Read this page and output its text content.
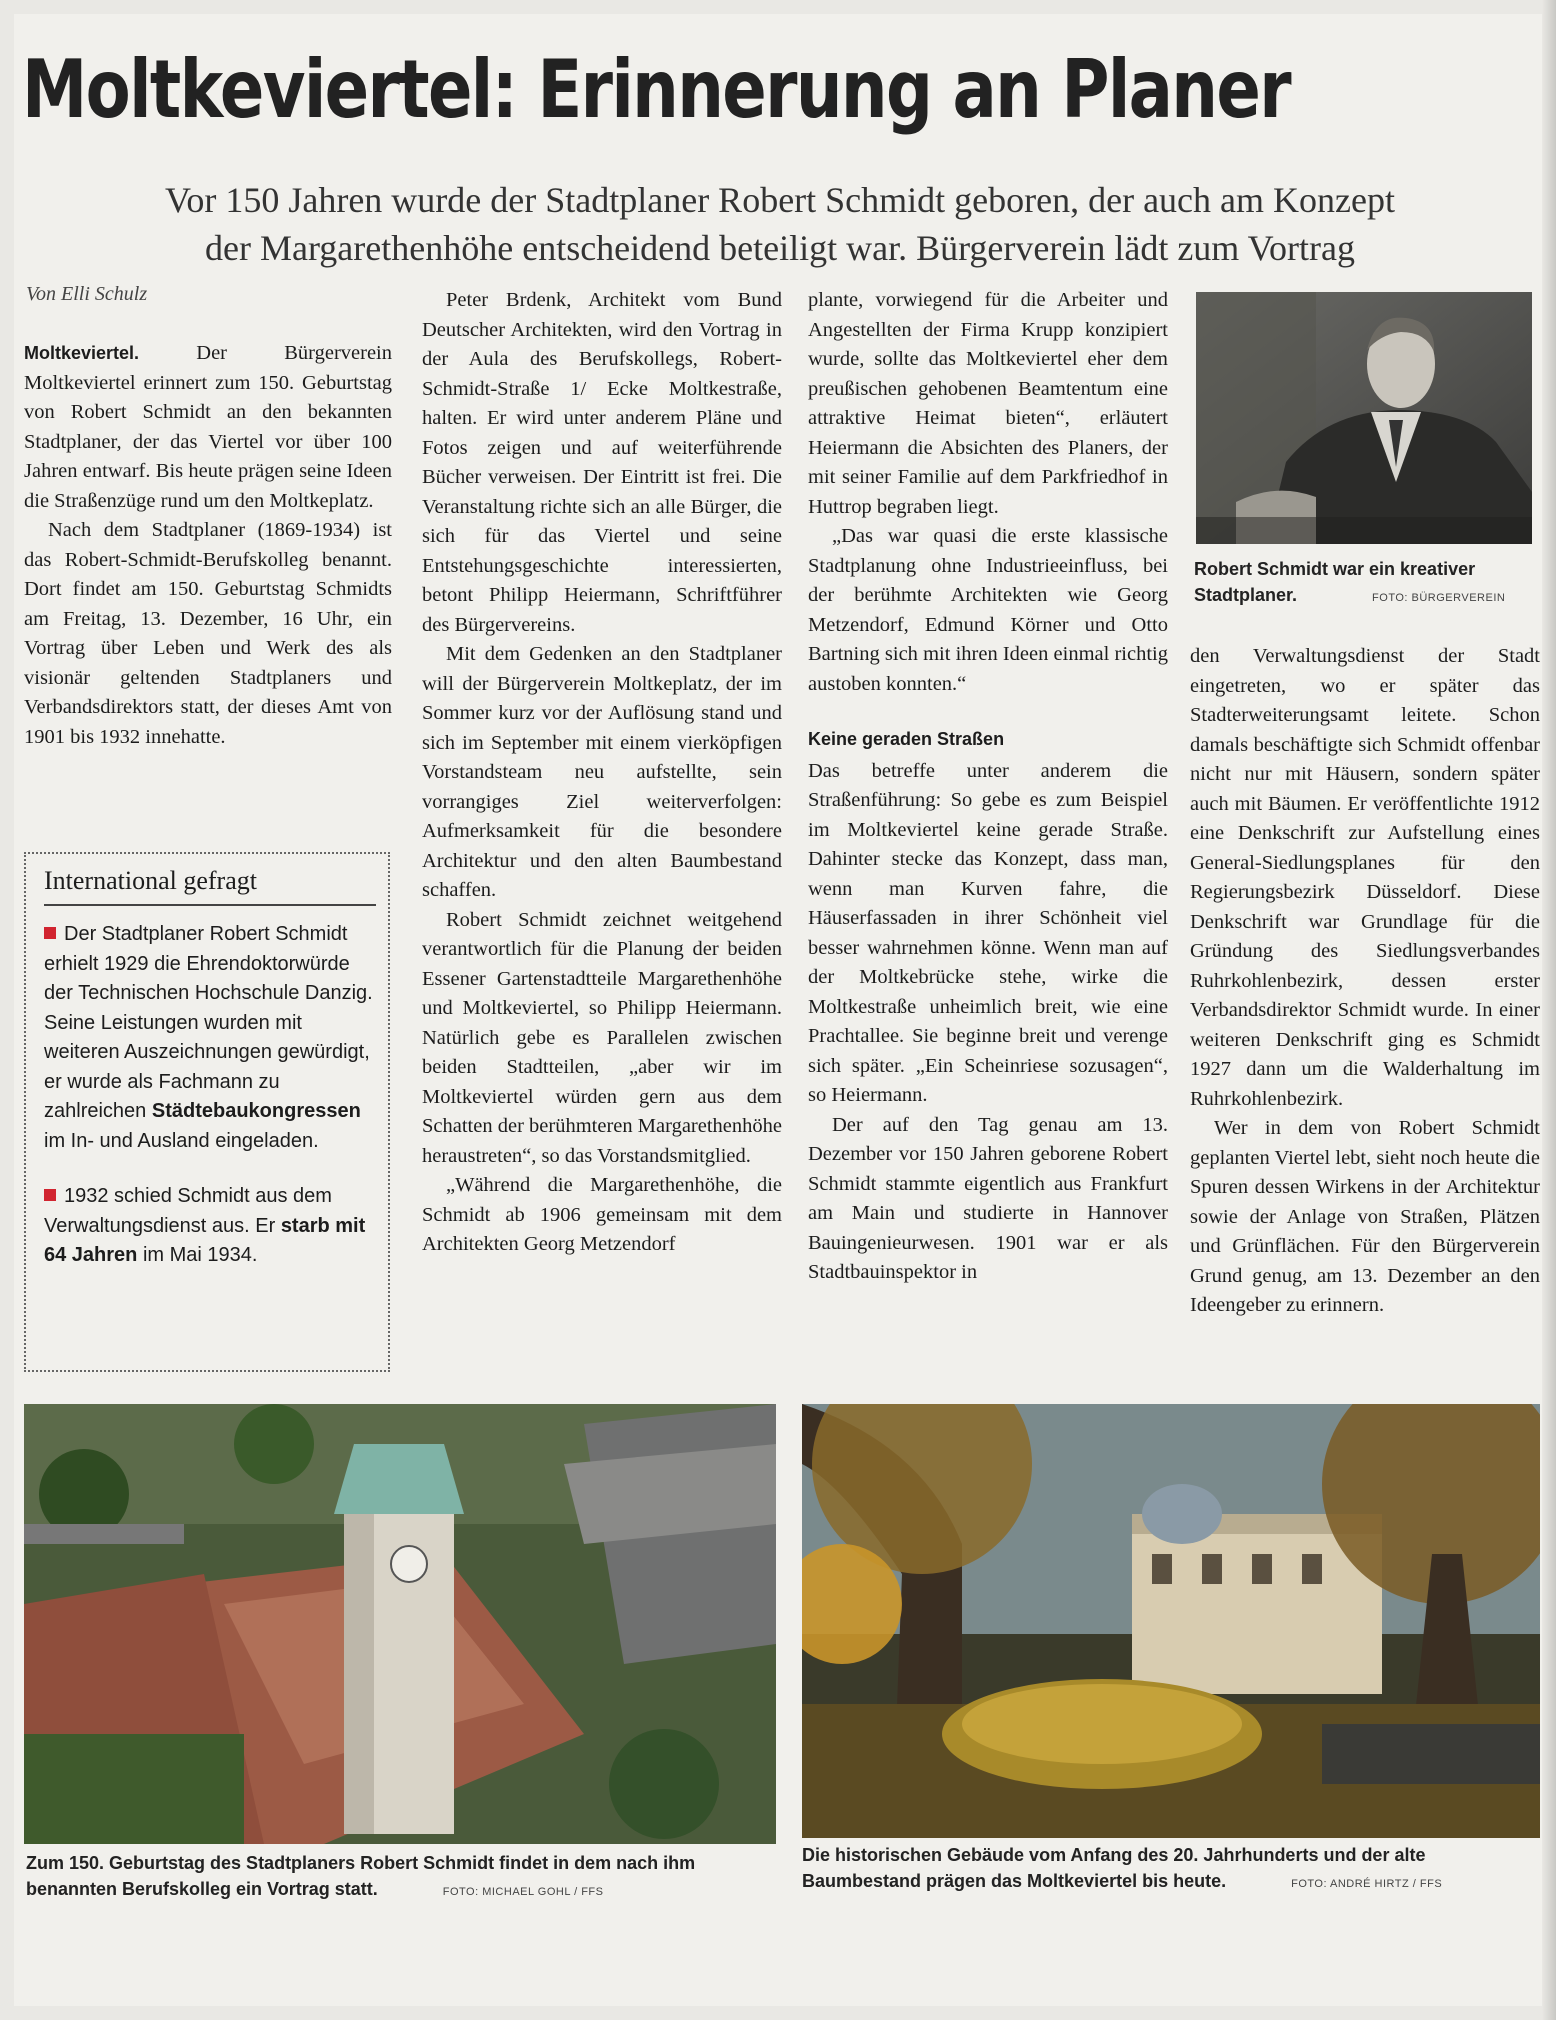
Moltkeviertel: Erinnerung an Planer
Vor 150 Jahren wurde der Stadtplaner Robert Schmidt geboren, der auch am Konzept
der Margarethenhöhe entscheidend beteiligt war. Bürgerverein lädt zum Vortrag
Von Elli Schulz

Moltkeviertel.	Der Bürgerverein Moltkeviertel erinnert zum 150. Geburtstag von Robert Schmidt an den bekannten Stadtplaner, der das Viertel vor über 100 Jahren entwarf. Bis heute prägen seine Ideen die Straßenzüge rund um den Moltkeplatz.

Nach dem Stadtplaner (1869-1934) ist das Robert-Schmidt-Berufskolleg benannt. Dort findet am 150. Geburtstag Schmidts am Freitag, 13. Dezember, 16 Uhr, ein Vortrag über Leben und Werk des als visionär geltenden Stadtplaners und Verbandsdirektors statt, der dieses Amt von 1901 bis 1932 innehatte.

International gefragt

Der Stadtplaner Robert Schmidt erhielt 1929 die Ehrendoktorwürde der Technischen Hochschule Danzig. Seine Leistungen wurden mit weiteren Auszeichnungen gewürdigt, er wurde als Fachmann zu zahlreichen Städtebaukongressen im In- und Ausland eingeladen.

1932 schied Schmidt aus dem Verwaltungsdienst aus. Er starb mit 64 Jahren im Mai 1934.

Peter Brdenk, Architekt vom Bund Deutscher Architekten, wird den Vortrag in der Aula des Berufskollegs, Robert-Schmidt-Straße 1/ Ecke Moltkestraße, halten. Er wird unter anderem Pläne und Fotos zeigen und auf weiterführende Bücher verweisen. Der Eintritt ist frei. Die Veranstaltung richte sich an alle Bürger, die sich für das Viertel und seine Entstehungsgeschichte interessierten, betont Philipp Heiermann, Schriftführer des Bürgervereins.

Mit dem Gedenken an den Stadtplaner will der Bürgerverein Moltkeplatz, der im Sommer kurz vor der Auflösung stand und sich im September mit einem vierköpfigen Vorstandsteam neu aufstellte, sein vorrangiges Ziel weiterverfolgen: Aufmerksamkeit für die besondere Architektur und den alten Baumbestand schaffen.

Robert Schmidt zeichnet weitgehend verantwortlich für die Planung der beiden Essener Gartenstadtteile Margarethenhöhe und Moltkeviertel, so Philipp Heiermann. Natürlich gebe es Parallelen zwischen beiden Stadtteilen, „aber wir im Moltkeviertel würden gern aus dem Schatten der berühmteren Margarethenhöhe heraustreten“, so das Vorstandsmitglied.

„Während die Margarethenhöhe, die Schmidt ab 1906 gemeinsam mit dem Architekten Georg Metzendorf

plante, vorwiegend für die Arbeiter und Angestellten der Firma Krupp konzipiert wurde, sollte das Moltkeviertel eher dem preußischen gehobenen Beamtentum eine attraktive Heimat bieten“, erläutert Heiermann die Absichten des Planers, der mit seiner Familie auf dem Parkfriedhof in Huttrop begraben liegt.

„Das war quasi die erste klassische Stadtplanung ohne Industrieeinfluss, bei der berühmte Architekten wie Georg Metzendorf, Edmund Körner und Otto Bartning sich mit ihren Ideen einmal richtig austoben konnten.“

Keine geraden Straßen

Das betreffe unter anderem die Straßenführung: So gebe es zum Beispiel im Moltkeviertel keine gerade Straße. Dahinter stecke das Konzept, dass man, wenn man Kurven fahre, die Häuserfassaden in ihrer Schönheit viel besser wahrnehmen könne. Wenn man auf der Moltkebrücke stehe, wirke die Moltkestraße unheimlich breit, wie eine Prachtallee. Sie beginne breit und verenge sich später. „Ein Scheinriese sozusagen“, so Heiermann.

Der auf den Tag genau am 13. Dezember vor 150 Jahren geborene Robert Schmidt stammte eigentlich aus Frankfurt am Main und studierte in Hannover Bauingenieurwesen. 1901 war er als Stadtbauinspektor in

Robert Schmidt war ein kreativer Stadtplaner.	FOTO: BÜRGERVEREIN

den Verwaltungsdienst der Stadt eingetreten, wo er später das Stadterweiterungsamt leitete. Schon damals beschäftigte sich Schmidt offenbar nicht nur mit Häusern, sondern später auch mit Bäumen. Er veröffentlichte 1912 eine Denkschrift zur Aufstellung eines General-Siedlungsplanes für den Regierungsbezirk Düsseldorf. Diese Denkschrift war Grundlage für die Gründung des Siedlungsverbandes Ruhrkohlenbezirk, dessen erster Verbandsdirektor Schmidt wurde. In einer weiteren Denkschrift ging es Schmidt 1927 dann um die Walderhaltung im Ruhrkohlenbezirk.

Wer in dem von Robert Schmidt geplanten Viertel lebt, sieht noch heute die Spuren dessen Wirkens in der Architektur sowie der Anlage von Straßen, Plätzen und Grünflächen. Für den Bürgerverein Grund genug, am 13. Dezember an den Ideengeber zu erinnern.

Zum 150. Geburtstag des Stadtplaners Robert Schmidt findet in dem nach ihm benannten Berufskolleg ein Vortrag statt.	FOTO: MICHAEL GOHL / FFS
Die historischen Gebäude vom Anfang des 20. Jahrhunderts und der alte Baumbestand prägen das Moltkeviertel bis heute.	FOTO: ANDRÉ HIRTZ / FFS
